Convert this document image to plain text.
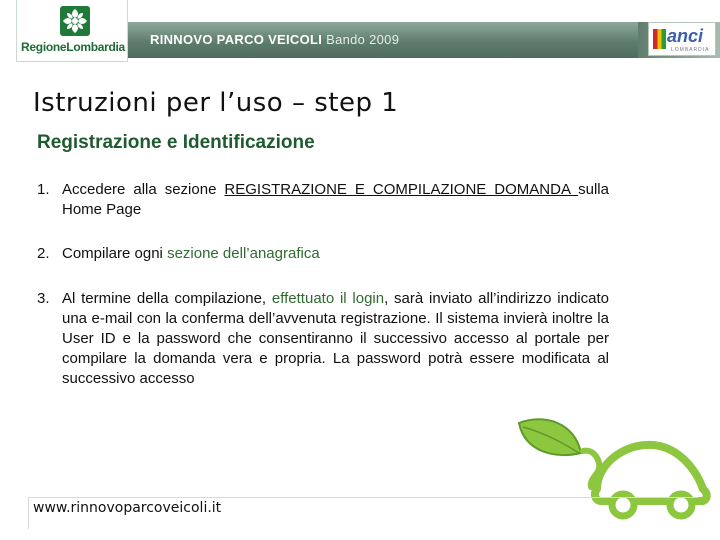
RegioneLombardia	RINNOVO PARCO VEICOLI Bando 2009	anci
LOMBARDIA
Istruzioni per l’uso – step 1
Registrazione e Identificazione
1. Accedere alla sezione REGISTRAZIONE E COMPILAZIONE DOMANDA sulla Home Page
2. Compilare ogni sezione dell’anagrafica
3. Al termine della compilazione, effettuato il login, sarà inviato all’indirizzo indicato una e-mail con la conferma dell’avvenuta registrazione. Il sistema invierà inoltre la User ID e la password che consentiranno il successivo accesso al portale per compilare la domanda vera e propria. La password potrà essere modificata al successivo accesso
www.rinnovoparcoveicoli.it
